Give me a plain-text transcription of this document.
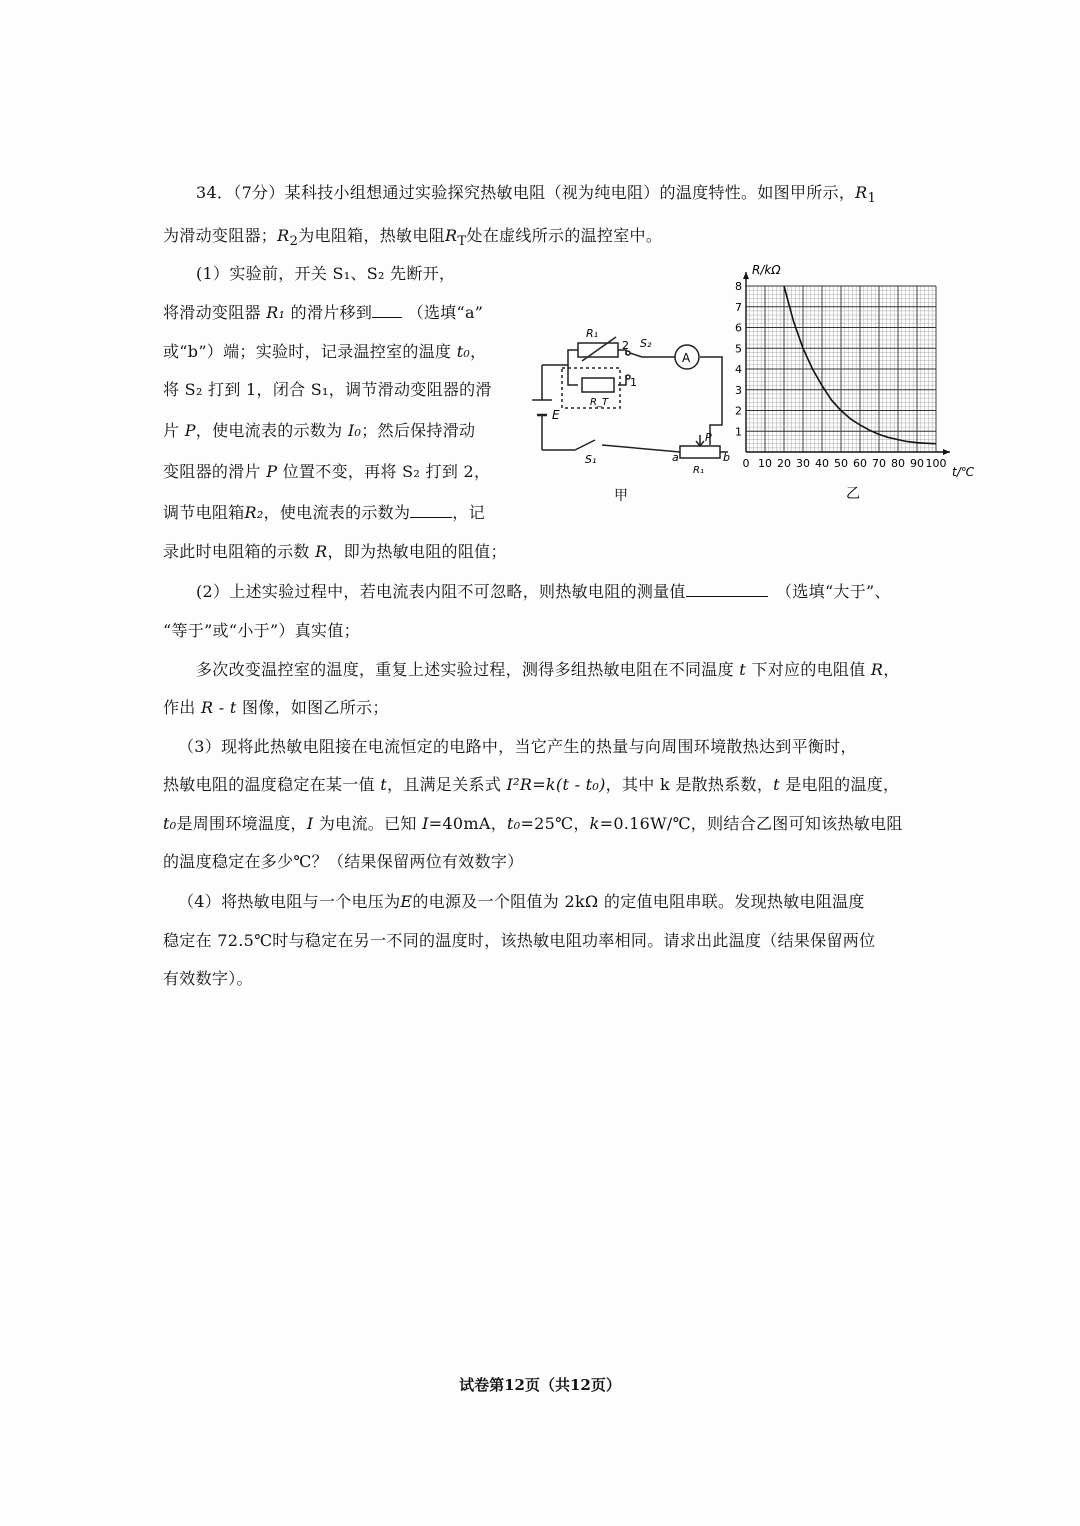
34．（7分）某科技小组想通过实验探究热敏电阻（视为纯电阻）的温度特性。如图甲所示，$R_1$
为滑动变阻器；$R_2$为电阻箱，热敏电阻$R_T$处在虚线所示的温控室中。
(1）实验前，开关 S₁、S₂ 先断开，
将滑动变阻器 R₁ 的滑片移到 （选填“a”
或“b”）端；实验时，记录温控室的温度 t₀，
将 S₂ 打到 1，闭合 S₁，调节滑动变阻器的滑
片 P，使电流表的示数为 I₀；然后保持滑动
变阻器的滑片 P 位置不变，再将 S₂ 打到 2，
调节电阻箱R₂，使电流表的示数为	，记
录此时电阻箱的示数 R，即为热敏电阻的阻值；
R₁
R_T
2
1
S₂
A
E
S₁
P
a	b
R₁
甲
0 10 20 30 40 50 60 70 80 90 100
1
2
3
4
5
6
7
8
R/kΩ
t/℃
乙
(2）上述实验过程中，若电流表内阻不可忽略，则热敏电阻的测量值　	（选填“大于”、
“等于”或“小于”）真实值；
多次改变温控室的温度，重复上述实验过程，测得多组热敏电阻在不同温度 t 下对应的电阻值 R，
作出 R - t 图像，如图乙所示；
（3）现将此热敏电阻接在电流恒定的电路中，当它产生的热量与向周围环境散热达到平衡时，
热敏电阻的温度稳定在某一值 t，且满足关系式 I²R=k(t - t₀)，其中 k 是散热系数，t 是电阻的温度，
t₀是周围环境温度，I 为电流。已知 I=40mA，t₀=25℃，k=0.16W/℃，则结合乙图可知该热敏电阻
的温度稳定在多少℃？（结果保留两位有效数字）
（4）将热敏电阻与一个电压为E的电源及一个阻值为 2kΩ 的定值电阻串联。发现热敏电阻温度
稳定在 72.5℃时与稳定在另一不同的温度时，该热敏电阻功率相同。请求出此温度（结果保留两位
有效数字）。
试卷第12页（共12页）
